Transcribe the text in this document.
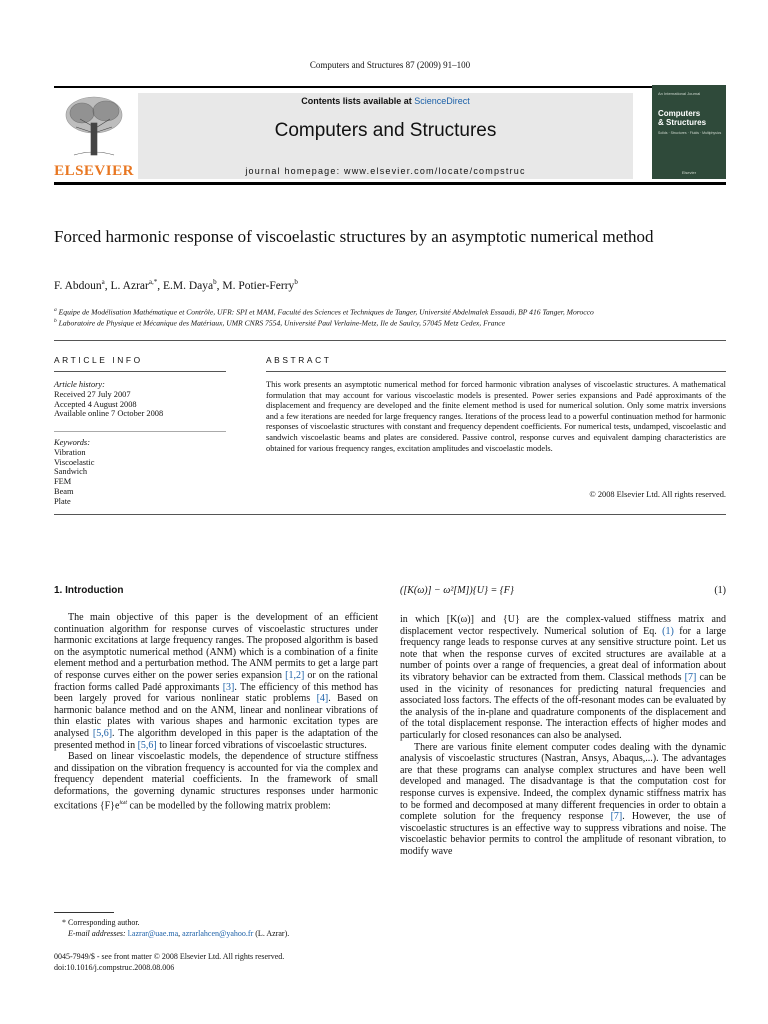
Computers and Structures 87 (2009) 91–100
ELSEVIER
Contents lists available at ScienceDirect
Computers and Structures
journal homepage: www.elsevier.com/locate/compstruc
An International Journal
Computers
& Structures
Solids · Structures · Fluids · Multiphysics
Elsevier
Forced harmonic response of viscoelastic structures by an asymptotic numerical method
F. Abdoun$^a$, L. Azrar$^{a,*}$, E.M. Daya$^b$, M. Potier-Ferry$^b$
$^a$ Equipe de Modélisation Mathématique et Contrôle, UFR: SPI et MAM, Faculté des Sciences et Techniques de Tanger, Université Abdelmalek Essaadi, BP 416 Tanger, Morocco
$^b$ Laboratoire de Physique et Mécanique des Matériaux, UMR CNRS 7554, Université Paul Verlaine-Metz, Ile de Saulcy, 57045 Metz Cedex, France
ARTICLE INFO
Article history:
Received 27 July 2007
Accepted 4 August 2008
Available online 7 October 2008
Keywords:
Vibration
Viscoelastic
Sandwich
FEM
Beam
Plate
ABSTRACT
This work presents an asymptotic numerical method for forced harmonic vibration analyses of viscoelastic structures. A mathematical formulation that may account for various viscoelastic models is presented. Power series expansions and Padé approximants of the displacement and frequency are developed and the finite element method is used for numerical solution. Only some matrix inversions and a few iterations are needed for large frequency ranges. Iterations of the process lead to a powerful continuation method for harmonic responses of viscoelastic structures with constant and frequency dependent coefficients. For numerical tests, undamped, viscoelastic and sandwich viscoelastic beams and plates are considered. Passive control, response curves and equivalent damping characteristics are obtained for various frequency ranges, excitation amplitudes and viscoelastic models.
© 2008 Elsevier Ltd. All rights reserved.
1. Introduction

The main objective of this paper is the development of an efficient continuation algorithm for response curves of viscoelastic structures under harmonic excitations at large frequency ranges. The proposed algorithm is based on the asymptotic numerical method (ANM) which is a combination of a finite element method and a perturbation method. The ANM permits to get a large part of response curves either on the power series expansion [1,2] or on the rational fraction forms called Padé approximants [3]. The efficiency of this method has been largely proved for various nonlinear static problems [4]. Based on harmonic balance method and on the ANM, linear and nonlinear vibrations of thin elastic plates with various shapes and harmonic excitation types are analysed [5,6]. The algorithm developed in this paper is the adaptation of the presented method in [5,6] to linear forced vibrations of viscoelastic structures.

Based on linear viscoelastic models, the dependence of structure stiffness and dissipation on the vibration frequency is accounted for via the complex and frequency dependent material coefficients. In the framework of small deformations, the governing dynamic structures responses under harmonic excitations $\{F\}e^{i\omega t}$ can be modelled by the following matrix problem:

* Corresponding author.
E-mail addresses: l.azrar@uae.ma, azrarlahcen@yahoo.fr (L. Azrar).
0045-7949/$ - see front matter © 2008 Elsevier Ltd. All rights reserved.
doi:10.1016/j.compstruc.2008.08.006
([K(ω)] − ω²[M]){U} = {F}	(1)

in which [K(ω)] and {U} are the complex-valued stiffness matrix and displacement vector respectively. Numerical solution of Eq. (1) for a large frequency range leads to response curves at any sensitive structure point. Let us note that when the response curves of excited structures are available at a number of points over a range of frequencies, a great deal of information about its vibratory behavior can be extracted from them. Classical methods [7] can be used in the vicinity of resonances for predicting natural frequencies and associated loss factors. The effects of the off-resonant modes can be evaluated by the analysis of the in-plane and quadrature components of the displacement and of the total displacement response. The interaction effects of higher modes and particularly for closed resonances can also be analysed.

There are various finite element computer codes dealing with the dynamic analysis of viscoelastic structures (Nastran, Ansys, Abaqus,...). The advantages are that these programs can analyse complex structures and have been well developed and managed. The disadvantage is that the computation cost for response curves is expensive. Indeed, the complex dynamic stiffness matrix has to be formed and decomposed at many different frequencies in order to obtain a complete solution for the frequency response [7]. However, the use of viscoelastic structures is an effective way to suppress vibrations and noise. The viscoelastic behavior permits to control the amplitude of resonant vibration, to modify wave
